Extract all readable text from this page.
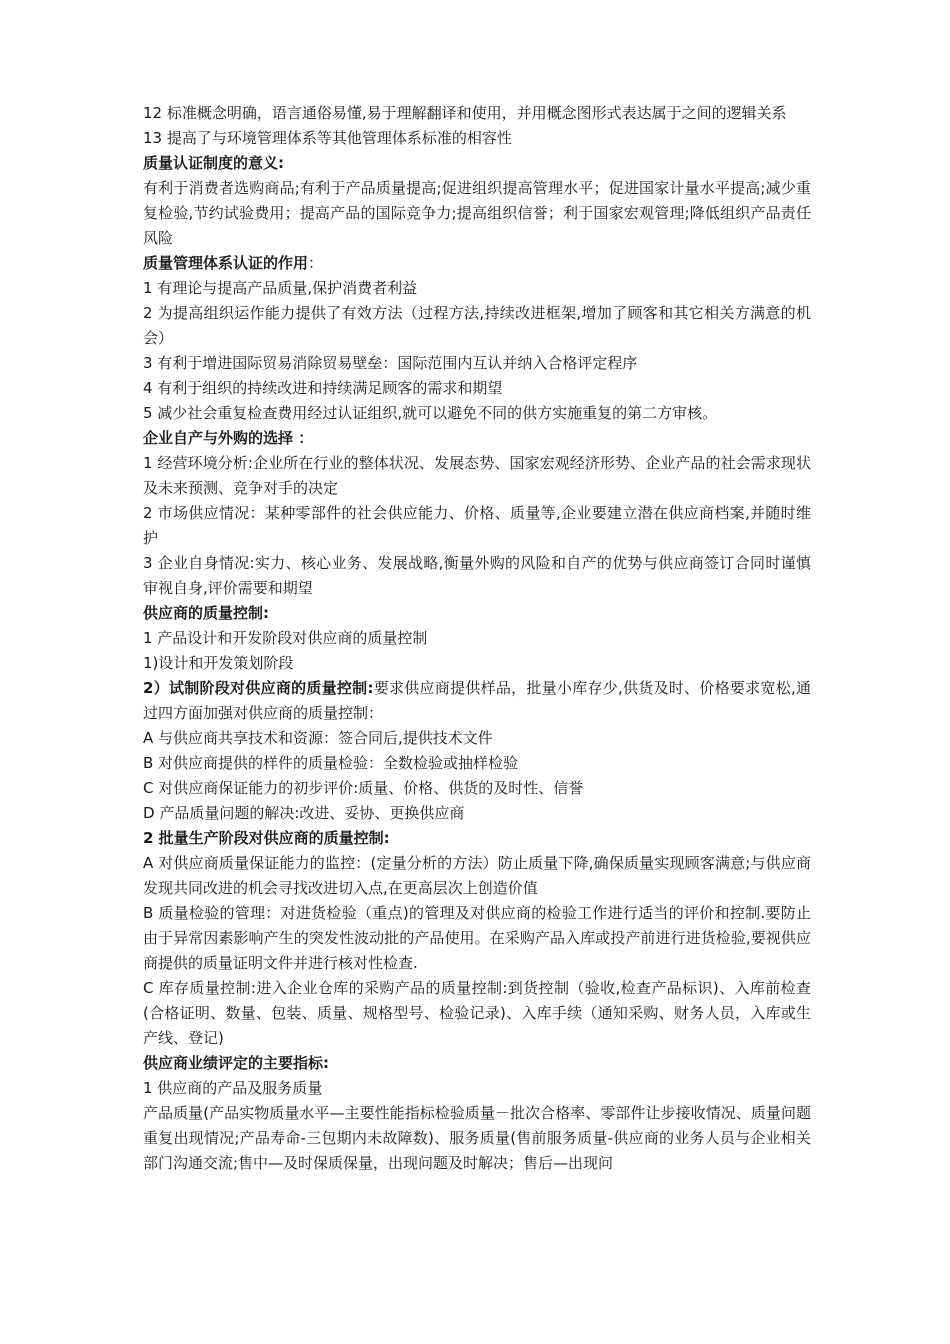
12 标准概念明确，语言通俗易懂,易于理解翻译和使用，并用概念图形式表达属于之间的逻辑关系

13 提高了与环境管理体系等其他管理体系标准的相容性

质量认证制度的意义:

有利于消费者选购商品;有利于产品质量提高;促进组织提高管理水平；促进国家计量水平提高;减少重复检验,节约试验费用；提高产品的国际竞争力;提高组织信誉；利于国家宏观管理;降低组织产品责任风险

质量管理体系认证的作用：

1 有理论与提高产品质量,保护消费者利益

2 为提高组织运作能力提供了有效方法（过程方法,持续改进框架,增加了顾客和其它相关方满意的机会）

3 有利于增进国际贸易消除贸易壁垒：国际范围内互认并纳入合格评定程序

4 有利于组织的持续改进和持续满足顾客的需求和期望

5 减少社会重复检查费用经过认证组织,就可以避免不同的供方实施重复的第二方审核。

企业自产与外购的选择 ：

1 经营环境分析:企业所在行业的整体状况、发展态势、国家宏观经济形势、企业产品的社会需求现状及未来预测、竞争对手的决定

2 市场供应情况：某种零部件的社会供应能力、价格、质量等,企业要建立潜在供应商档案,并随时维护

3 企业自身情况:实力、核心业务、发展战略,衡量外购的风险和自产的优势与供应商签订合同时谨慎审视自身,评价需要和期望

供应商的质量控制:

1 产品设计和开发阶段对供应商的质量控制

1)设计和开发策划阶段

2）试制阶段对供应商的质量控制:要求供应商提供样品，批量小库存少,供货及时、价格要求宽松,通过四方面加强对供应商的质量控制：

A 与供应商共享技术和资源：签合同后,提供技术文件

B 对供应商提供的样件的质量检验：全数检验或抽样检验

C 对供应商保证能力的初步评价:质量、价格、供货的及时性、信誉

D 产品质量问题的解决:改进、妥协、更换供应商

2 批量生产阶段对供应商的质量控制:

A 对供应商质量保证能力的监控：(定量分析的方法）防止质量下降,确保质量实现顾客满意;与供应商发现共同改进的机会寻找改进切入点,在更高层次上创造价值

B 质量检验的管理：对进货检验（重点)的管理及对供应商的检验工作进行适当的评价和控制.要防止由于异常因素影响产生的突发性波动批的产品使用。在采购产品入库或投产前进行进货检验,要视供应商提供的质量证明文件并进行核对性检查.

C 库存质量控制:进入企业仓库的采购产品的质量控制:到货控制（验收,检查产品标识)、入库前检查(合格证明、数量、包装、质量、规格型号、检验记录)、入库手续（通知采购、财务人员，入库或生产线、登记)

供应商业绩评定的主要指标:

1 供应商的产品及服务质量

产品质量(产品实物质量水平—主要性能指标检验质量－批次合格率、零部件让步接收情况、质量问题重复出现情况;产品寿命-三包期内未故障数)、服务质量(售前服务质量-供应商的业务人员与企业相关部门沟通交流;售中—及时保质保量，出现问题及时解决；售后—出现问
